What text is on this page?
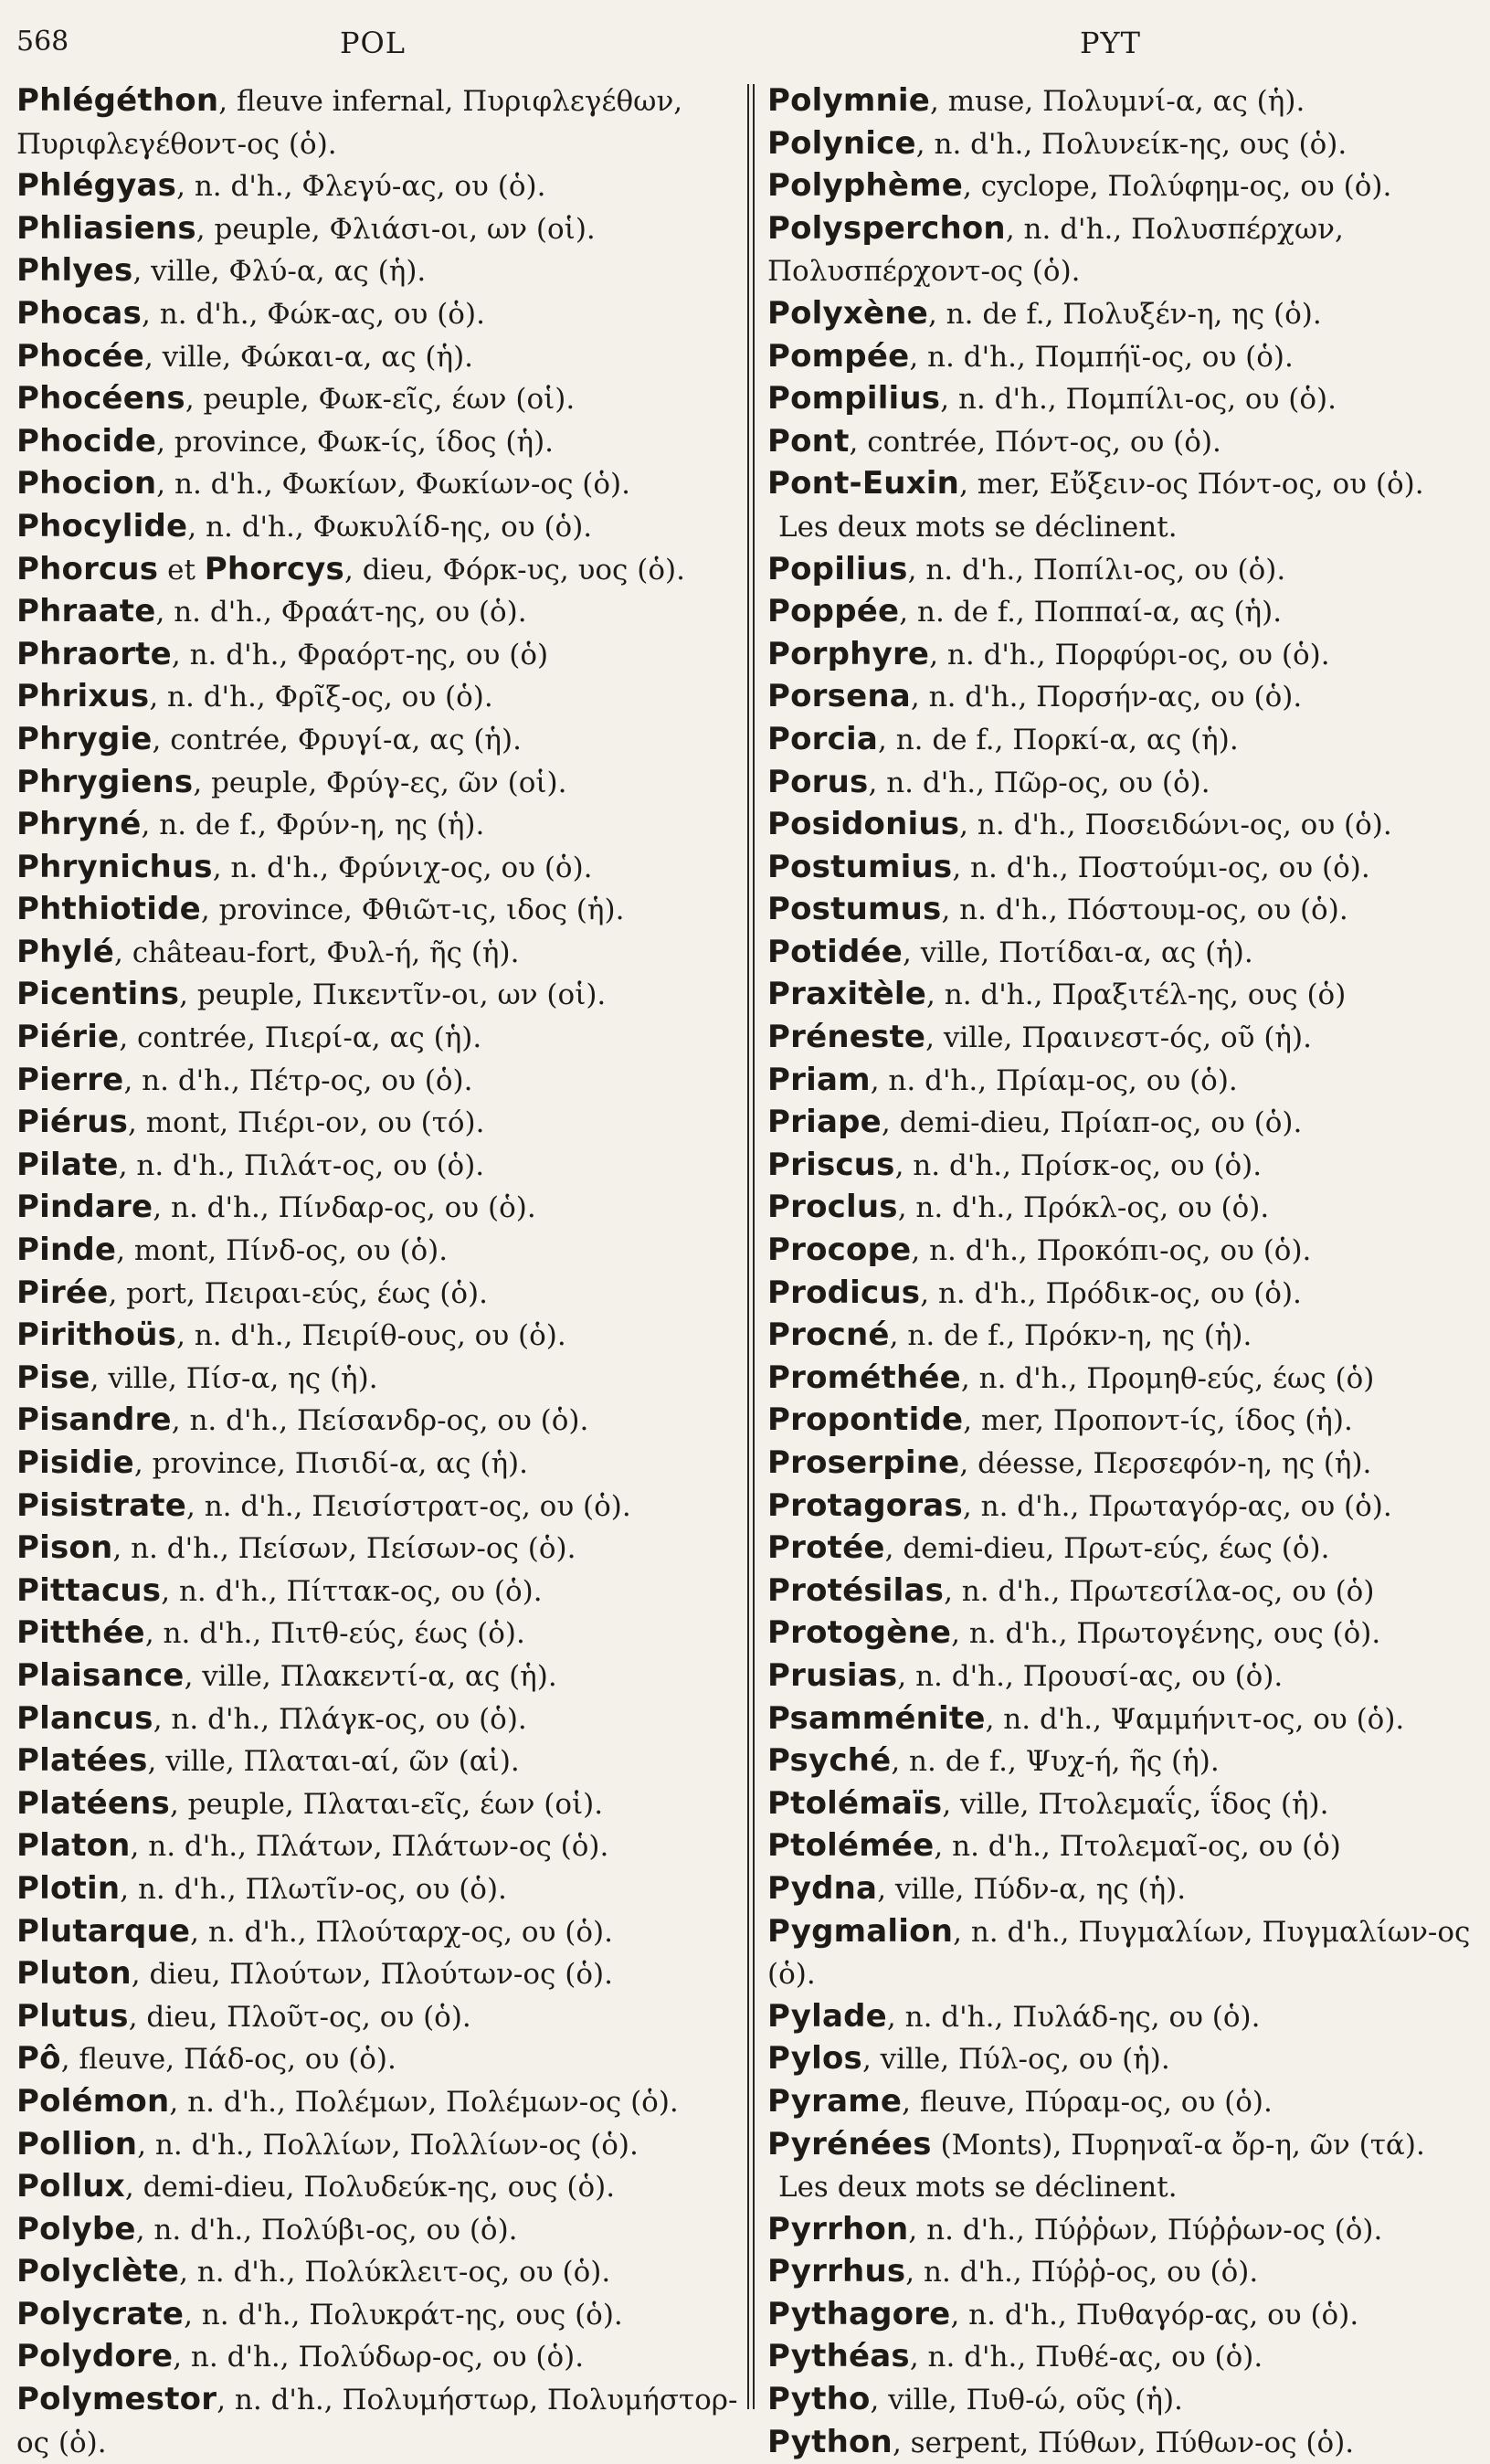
568	POL	PYT

Phlégéthon, fleuve infernal, Πυριφλεγέθων, Πυριφλεγέθοντ-ος (ὁ).

Phlégyas, n. d'h., Φλεγύ-ας, ου (ὁ).

Phliasiens, peuple, Φλιάσι-οι, ων (οἱ).

Phlyes, ville, Φλύ-α, ας (ἡ).

Phocas, n. d'h., Φώκ-ας, ου (ὁ).

Phocée, ville, Φώκαι-α, ας (ἡ).

Phocéens, peuple, Φωκ-εῖς, έων (οἱ).

Phocide, province, Φωκ-ίς, ίδος (ἡ).

Phocion, n. d'h., Φωκίων, Φωκίων-ος (ὁ).

Phocylide, n. d'h., Φωκυλίδ-ης, ου (ὁ).

Phorcus et Phorcys, dieu, Φόρκ-υς, υος (ὁ).

Phraate, n. d'h., Φραάτ-ης, ου (ὁ).

Phraorte, n. d'h., Φραόρτ-ης, ου (ὁ)

Phrixus, n. d'h., Φρῖξ-ος, ου (ὁ).

Phrygie, contrée, Φρυγί-α, ας (ἡ).

Phrygiens, peuple, Φρύγ-ες, ῶν (οἱ).

Phryné, n. de f., Φρύν-η, ης (ἡ).

Phrynichus, n. d'h., Φρύνιχ-ος, ου (ὁ).

Phthiotide, province, Φθιῶτ-ις, ιδος (ἡ).

Phylé, château-fort, Φυλ-ή, ῆς (ἡ).

Picentins, peuple, Πικεντῖν-οι, ων (οἱ).

Piérie, contrée, Πιερί-α, ας (ἡ).

Pierre, n. d'h., Πέτρ-ος, ου (ὁ).

Piérus, mont, Πιέρι-ον, ου (τό).

Pilate, n. d'h., Πιλάτ-ος, ου (ὁ).

Pindare, n. d'h., Πίνδαρ-ος, ου (ὁ).

Pinde, mont, Πίνδ-ος, ου (ὁ).

Pirée, port, Πειραι-εύς, έως (ὁ).

Pirithoüs, n. d'h., Πειρίθ-ους, ου (ὁ).

Pise, ville, Πίσ-α, ης (ἡ).

Pisandre, n. d'h., Πείσανδρ-ος, ου (ὁ).

Pisidie, province, Πισιδί-α, ας (ἡ).

Pisistrate, n. d'h., Πεισίστρατ-ος, ου (ὁ).

Pison, n. d'h., Πείσων, Πείσων-ος (ὁ).

Pittacus, n. d'h., Πίττακ-ος, ου (ὁ).

Pitthée, n. d'h., Πιτθ-εύς, έως (ὁ).

Plaisance, ville, Πλακεντί-α, ας (ἡ).

Plancus, n. d'h., Πλάγκ-ος, ου (ὁ).

Platées, ville, Πλαται-αί, ῶν (αἱ).

Platéens, peuple, Πλαται-εῖς, έων (οἱ).

Platon, n. d'h., Πλάτων, Πλάτων-ος (ὁ).

Plotin, n. d'h., Πλωτῖν-ος, ου (ὁ).

Plutarque, n. d'h., Πλούταρχ-ος, ου (ὁ).

Pluton, dieu, Πλούτων, Πλούτων-ος (ὁ).

Plutus, dieu, Πλοῦτ-ος, ου (ὁ).

Pô, fleuve, Πάδ-ος, ου (ὁ).

Polémon, n. d'h., Πολέμων, Πολέμων-ος (ὁ).

Pollion, n. d'h., Πολλίων, Πολλίων-ος (ὁ).

Pollux, demi-dieu, Πολυδεύκ-ης, ους (ὁ).

Polybe, n. d'h., Πολύβι-ος, ου (ὁ).

Polyclète, n. d'h., Πολύκλειτ-ος, ου (ὁ).

Polycrate, n. d'h., Πολυκράτ-ης, ους (ὁ).

Polydore, n. d'h., Πολύδωρ-ος, ου (ὁ).

Polymestor, n. d'h., Πολυμήστωρ, Πολυμήστορ-ος (ὁ).

Polymnie, muse, Πολυμνί-α, ας (ἡ).

Polynice, n. d'h., Πολυνείκ-ης, ους (ὁ).

Polyphème, cyclope, Πολύφημ-ος, ου (ὁ).

Polysperchon, n. d'h., Πολυσπέρχων, Πολυσπέρχοντ-ος (ὁ).

Polyxène, n. de f., Πολυξέν-η, ης (ὁ).

Pompée, n. d'h., Πομπήϊ-ος, ου (ὁ).

Pompilius, n. d'h., Πομπίλι-ος, ου (ὁ).

Pont, contrée, Πόντ-ος, ου (ὁ).

Pont-Euxin, mer, Εὔξειν-ος Πόντ-ος, ου (ὁ).

Les deux mots se déclinent.

Popilius, n. d'h., Ποπίλι-ος, ου (ὁ).

Poppée, n. de f., Ποππαί-α, ας (ἡ).

Porphyre, n. d'h., Πορφύρι-ος, ου (ὁ).

Porsena, n. d'h., Πορσήν-ας, ου (ὁ).

Porcia, n. de f., Πορκί-α, ας (ἡ).

Porus, n. d'h., Πῶρ-ος, ου (ὁ).

Posidonius, n. d'h., Ποσειδώνι-ος, ου (ὁ).

Postumius, n. d'h., Ποστούμι-ος, ου (ὁ).

Postumus, n. d'h., Πόστουμ-ος, ου (ὁ).

Potidée, ville, Ποτίδαι-α, ας (ἡ).

Praxitèle, n. d'h., Πραξιτέλ-ης, ους (ὁ)

Préneste, ville, Πραινεστ-ός, οῦ (ἡ).

Priam, n. d'h., Πρίαμ-ος, ου (ὁ).

Priape, demi-dieu, Πρίαπ-ος, ου (ὁ).

Priscus, n. d'h., Πρίσκ-ος, ου (ὁ).

Proclus, n. d'h., Πρόκλ-ος, ου (ὁ).

Procope, n. d'h., Προκόπι-ος, ου (ὁ).

Prodicus, n. d'h., Πρόδικ-ος, ου (ὁ).

Procné, n. de f., Πρόκν-η, ης (ἡ).

Prométhée, n. d'h., Προμηθ-εύς, έως (ὁ)

Propontide, mer, Προποντ-ίς, ίδος (ἡ).

Proserpine, déesse, Περσεφόν-η, ης (ἡ).

Protagoras, n. d'h., Πρωταγόρ-ας, ου (ὁ).

Protée, demi-dieu, Πρωτ-εύς, έως (ὁ).

Protésilas, n. d'h., Πρωτεσίλα-ος, ου (ὁ)

Protogène, n. d'h., Πρωτογένης, ους (ὁ).

Prusias, n. d'h., Προυσί-ας, ου (ὁ).

Psamménite, n. d'h., Ψαμμήνιτ-ος, ου (ὁ).

Psyché, n. de f., Ψυχ-ή, ῆς (ἡ).

Ptolémaïs, ville, Πτολεμαΐς, ΐδος (ἡ).

Ptolémée, n. d'h., Πτολεμαῖ-ος, ου (ὁ)

Pydna, ville, Πύδν-α, ης (ἡ).

Pygmalion, n. d'h., Πυγμαλίων, Πυγμαλίων-ος (ὁ).

Pylade, n. d'h., Πυλάδ-ης, ου (ὁ).

Pylos, ville, Πύλ-ος, ου (ἡ).

Pyrame, fleuve, Πύραμ-ος, ου (ὁ).

Pyrénées (Monts), Πυρηναῖ-α ὄρ-η, ῶν (τά).

Les deux mots se déclinent.

Pyrrhon, n. d'h., Πύῤῥων, Πύῤῥων-ος (ὁ).

Pyrrhus, n. d'h., Πύῤῥ-ος, ου (ὁ).

Pythagore, n. d'h., Πυθαγόρ-ας, ου (ὁ).

Pythéas, n. d'h., Πυθέ-ας, ου (ὁ).

Pytho, ville, Πυθ-ώ, οῦς (ἡ).

Python, serpent, Πύθων, Πύθων-ος (ὁ).
